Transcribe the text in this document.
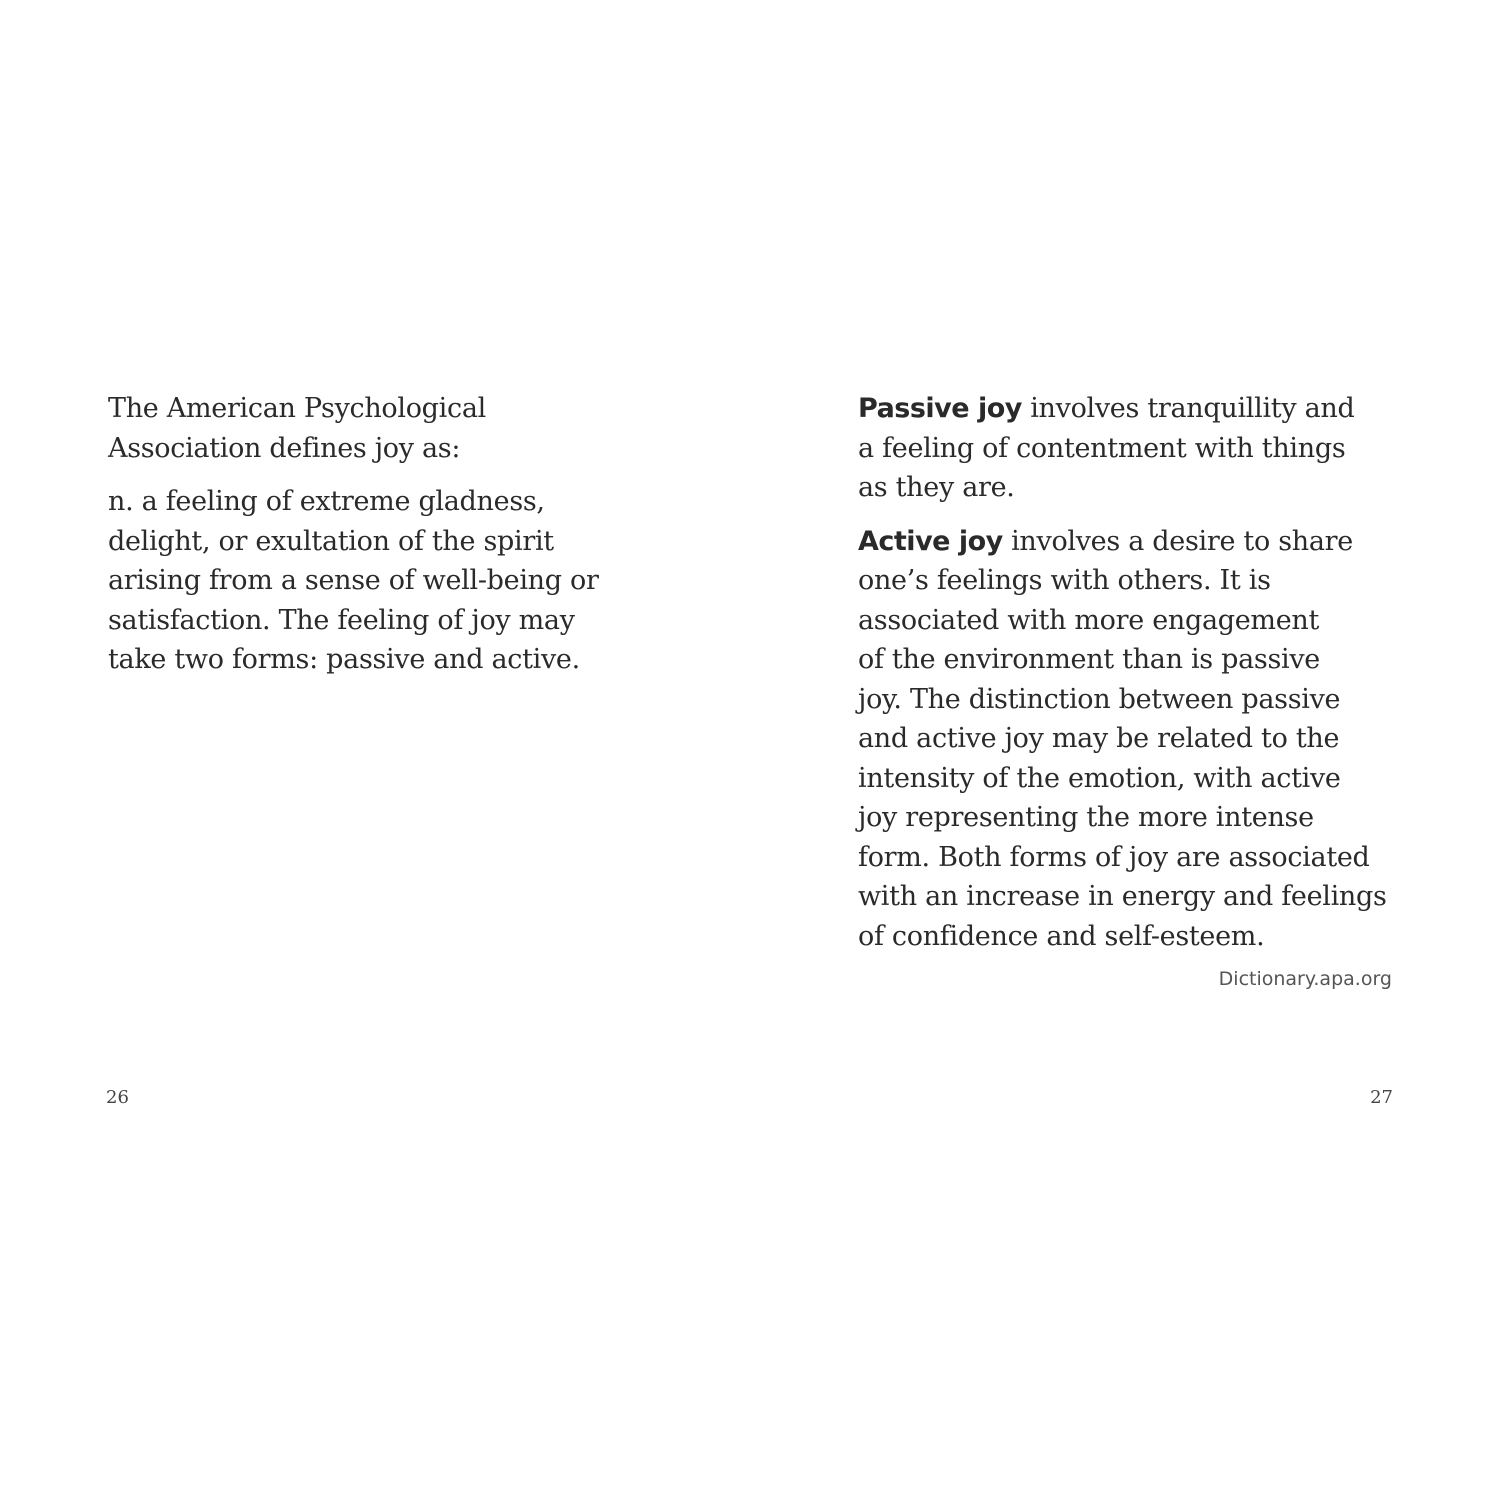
The American Psychological
Association defines joy as:

n. a feeling of extreme gladness,
delight, or exultation of the spirit
arising from a sense of well-being or
satisfaction. The feeling of joy may
take two forms: passive and active.

26

Passive joy involves tranquillity and
a feeling of contentment with things
as they are.

Active joy involves a desire to share
one’s feelings with others. It is
associated with more engagement
of the environment than is passive
joy. The distinction between passive
and active joy may be related to the
intensity of the emotion, with active
joy representing the more intense
form. Both forms of joy are associated
with an increase in energy and feelings
of confidence and self-esteem.

Dictionary.apa.org
27
